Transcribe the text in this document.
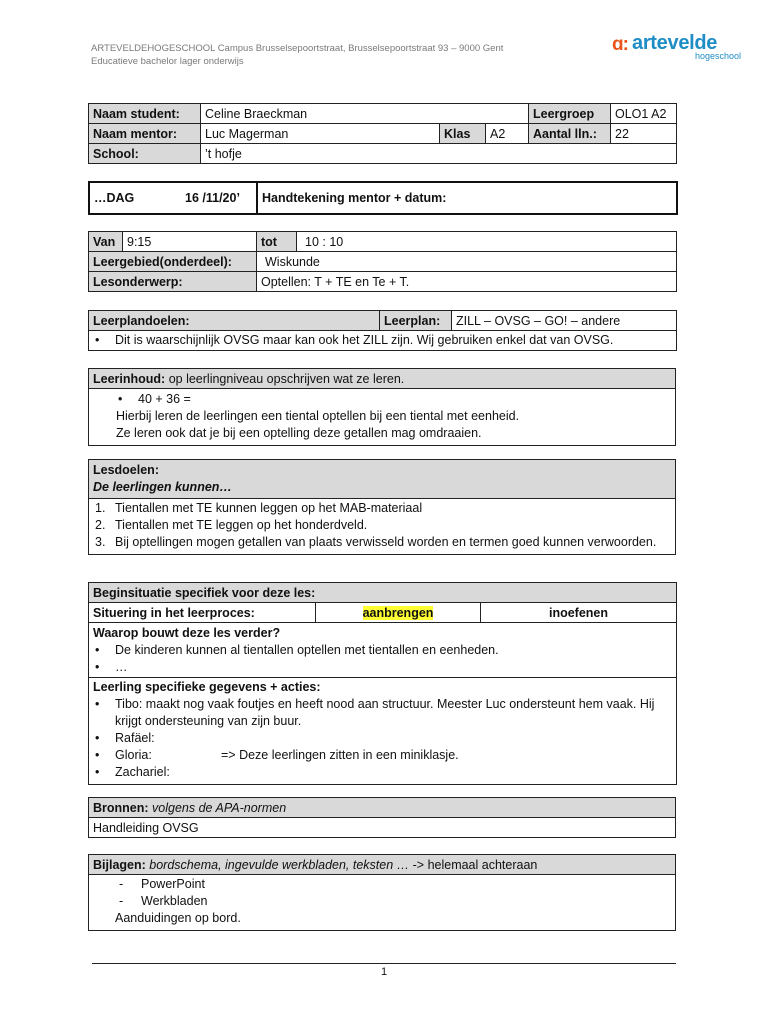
ARTEVELDEHOGESCHOOL Campus Brusselsepoortstraat, Brusselsepoortstraat 93 – 9000 Gent
Educatieve bachelor lager onderwijs
ɑ: artevelde
hogeschool
Naam student:	Celine Braeckman			Leergroep	OLO1 A2
Naam mentor:	Luc Magerman	Klas	A2	Aantal lln.:	22
School:	’t hofje				
…DAG	16 /11/20’	Handtekening mentor + datum:
Van	9:15	tot	10 : 10
Leergebied(onderdeel):		Wiskunde	
Lesonderwerp:		Optellen: T + TE en Te + T.	
Leerplandoelen:	Leerplan:	ZILL – OVSG – GO! – andere

• Dit is waarschijnlijk OVSG maar kan ook het ZILL zijn. Wij gebruiken enkel dat van OVSG.
Leerinhoud: op leerlingniveau opschrijven wat ze leren.

• 40 + 36 =
Hierbij leren de leerlingen een tiental optellen bij een tiental met eenheid.
Ze leren ook dat je bij een optelling deze getallen mag omdraaien.
Lesdoelen:
De leerlingen kunnen…

1. Tientallen met TE kunnen leggen op het MAB-materiaal
2. Tientallen met TE leggen op het honderdveld.
3. Bij optellingen mogen getallen van plaats verwisseld worden en termen goed kunnen verwoorden.
Beginsituatie specifiek voor deze les:
Situering in het leerproces:	aanbrengen	inoefenen

Waarop bouwt deze les verder?
• De kinderen kunnen al tientallen optellen met tientallen en eenheden.
• …

Leerling specifieke gegevens + acties:
• Tibo: maakt nog vaak foutjes en heeft nood aan structuur. Meester Luc ondersteunt hem vaak. Hij krijgt ondersteuning van zijn buur.
• Rafäel:
• Gloria:	=> Deze leerlingen zitten in een miniklasje.
• Zachariel:
Bronnen: volgens de APA-normen
Handleiding OVSG
Bijlagen: bordschema, ingevulde werkbladen, teksten … -> helemaal achteraan

- PowerPoint
- Werkbladen
Aanduidingen op bord.
1
